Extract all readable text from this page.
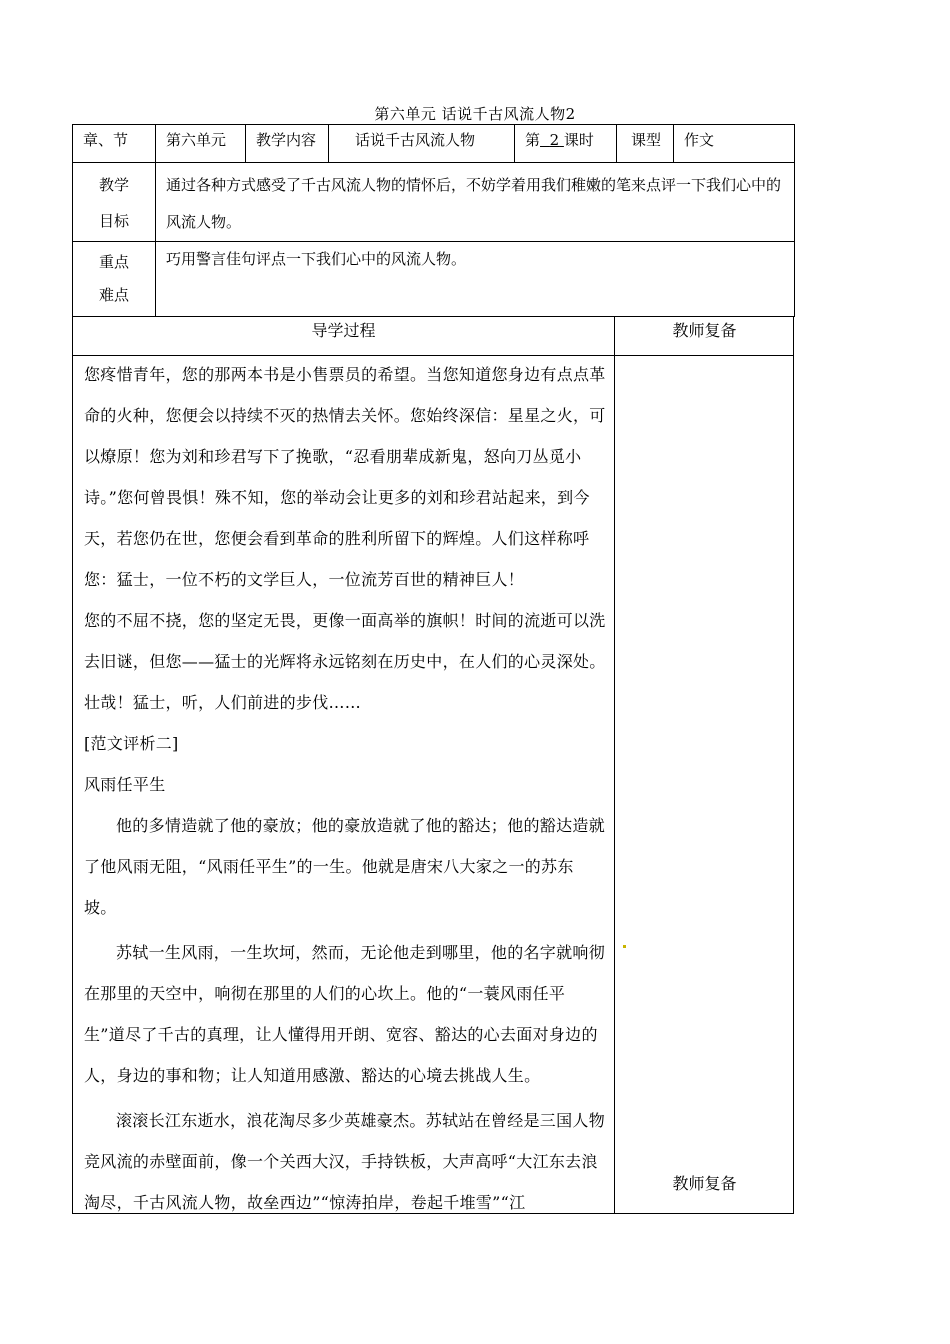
第六单元 话说千古风流人物2
章、节	第六单元	教学内容	话说千古风流人物	第 2 课时	课型	作文

教学
目标	通过各种方式感受了千古风流人物的情怀后，不妨学着用我们稚嫩的笔来点评一下我们心中的风流人物。					

重点
难点	巧用警言佳句评点一下我们心中的风流人物。					
导学过程	教师复备

您疼惜青年，您的那两本书是小售票员的希望。当您知道您身边有点点革命的火种，您便会以持续不灭的热情去关怀。您始终深信：星星之火，可以燎原！您为刘和珍君写下了挽歌，“忍看朋辈成新鬼，怒向刀丛觅小诗。”您何曾畏惧！殊不知，您的举动会让更多的刘和珍君站起来，到今天，若您仍在世，您便会看到革命的胜利所留下的辉煌。人们这样称呼您：猛士，一位不朽的文学巨人，一位流芳百世的精神巨人！

您的不屈不挠，您的坚定无畏，更像一面高举的旗帜！时间的流逝可以洗去旧谜，但您——猛士的光辉将永远铭刻在历史中，在人们的心灵深处。壮哉！猛士，听，人们前进的步伐……

[范文评析二]

风雨任平生

他的多情造就了他的豪放；他的豪放造就了他的豁达；他的豁达造就了他风雨无阻，“风雨任平生”的一生。他就是唐宋八大家之一的苏东坡。

苏轼一生风雨，一生坎坷，然而，无论他走到哪里，他的名字就响彻在那里的天空中，响彻在那里的人们的心坎上。他的“一蓑风雨任平生”道尽了千古的真理，让人懂得用开朗、宽容、豁达的心去面对身边的人，身边的事和物；让人知道用感激、豁达的心境去挑战人生。

滚滚长江东逝水，浪花淘尽多少英雄豪杰。苏轼站在曾经是三国人物竞风流的赤壁面前，像一个关西大汉，手持铁板，大声高呼“大江东去浪淘尽，千古风流人物，故垒西边”“惊涛拍岸，卷起千堆雪”“江

教师复备
